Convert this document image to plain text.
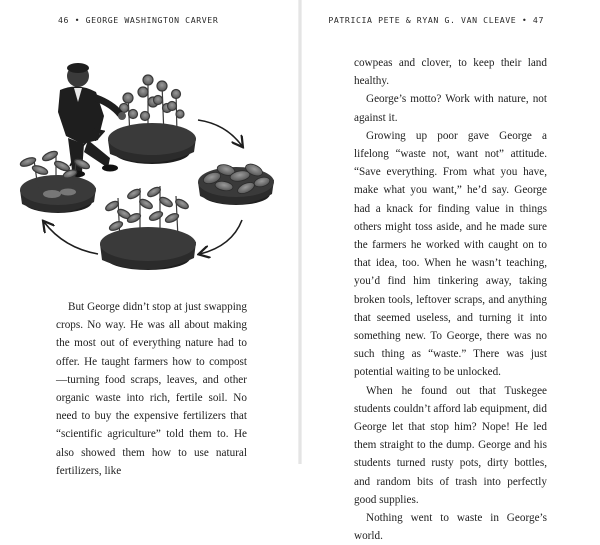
46 • GEORGE WASHINGTON CARVER

But George didn’t stop at just swapping crops. No way. He was all about making the most out of everything nature had to offer. He taught farmers how to compost—turning food scraps, leaves, and other organic waste into rich, fertile soil. No need to buy the expensive fertilizers that “scientific agriculture” told them to. He also showed them how to use natural fertilizers, like

PATRICIA PETE & RYAN G. VAN CLEAVE • 47

cowpeas and clover, to keep their land healthy.

George’s motto? Work with nature, not against it.

Growing up poor gave George a lifelong “waste not, want not” attitude. “Save everything. From what you have, make what you want,” he’d say. George had a knack for finding value in things others might toss aside, and he made sure the farmers he worked with caught on to that idea, too. When he wasn’t teaching, you’d find him tinkering away, taking broken tools, leftover scraps, and anything that seemed useless, and turning it into something new. To George, there was no such thing as “waste.” There was just potential waiting to be unlocked.

When he found out that Tuskegee students couldn’t afford lab equipment, did George let that stop him? Nope! He led them straight to the dump. George and his students turned rusty pots, dirty bottles, and random bits of trash into perfectly good supplies.

Nothing went to waste in George’s world.
